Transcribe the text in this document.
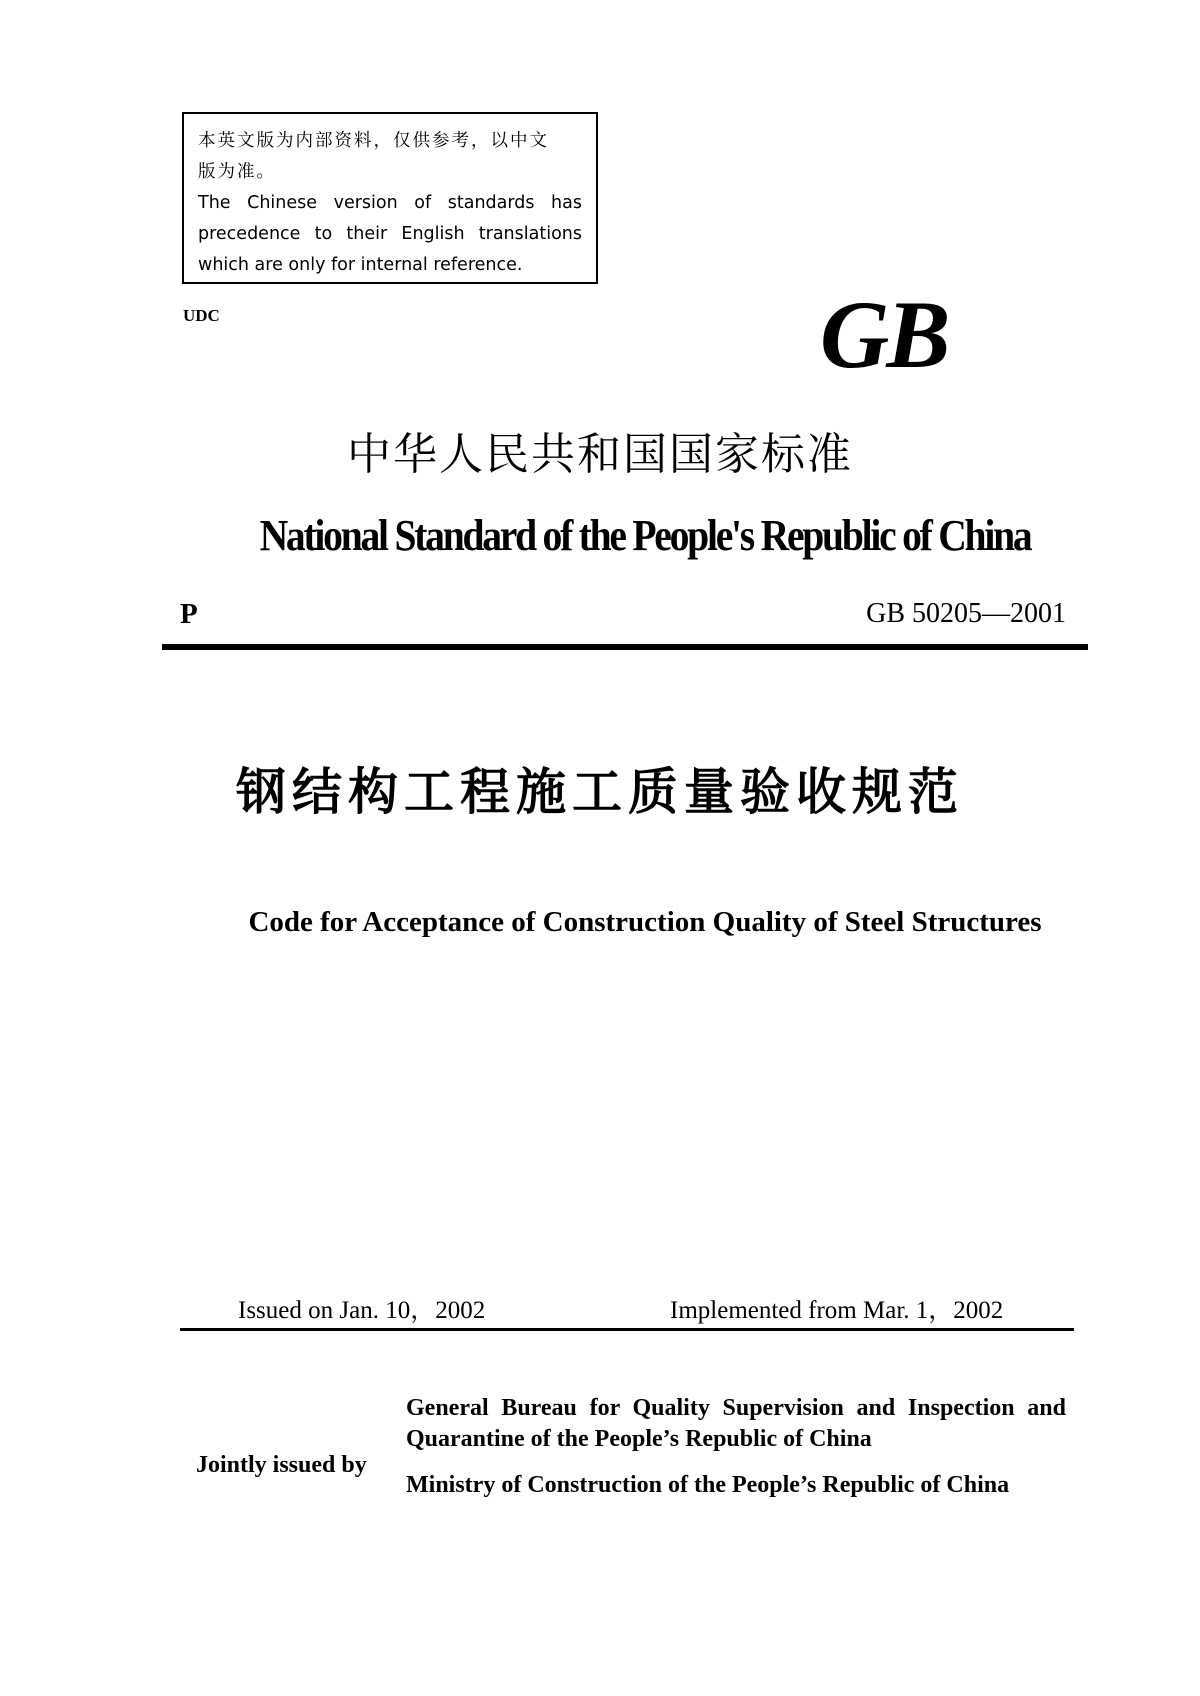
本英文版为内部资料，仅供参考，以中文
版为准。
The Chinese version of standards has
precedence to their English translations
which are only for internal reference.
UDC	GB
中华人民共和国国家标准
National Standard of the People's Republic of China
P	GB 50205—2001
钢结构工程施工质量验收规范
Code for Acceptance of Construction Quality of Steel Structures
Issued on Jan. 10，2002	Implemented from Mar. 1，2002
Jointly issued by
General Bureau for Quality Supervision and Inspection and Quarantine of the People’s Republic of China
Ministry of Construction of the People’s Republic of China
